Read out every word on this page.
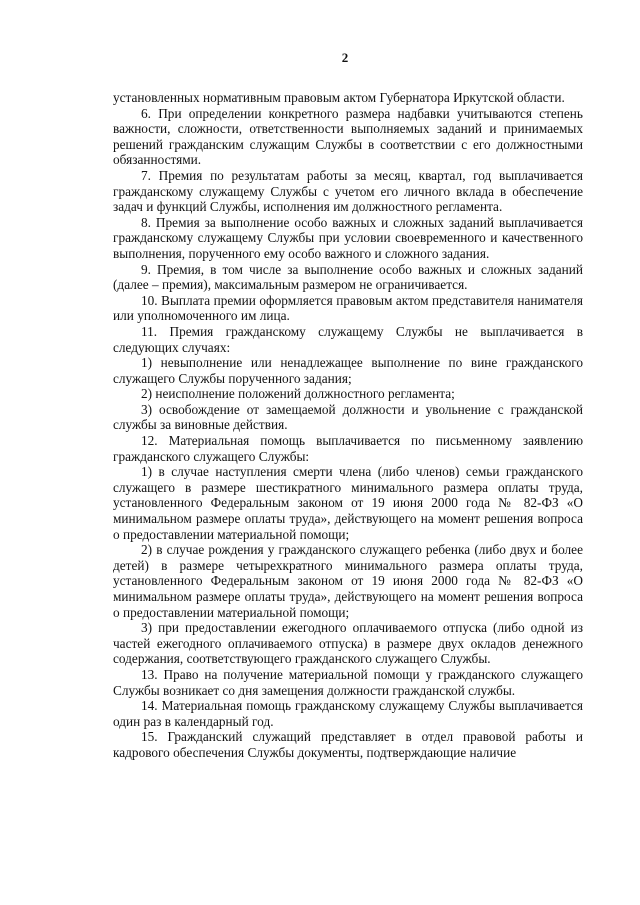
2

установленных нормативным правовым актом Губернатора Иркутской области.

6. При определении конкретного размера надбавки учитываются степень важности, сложности, ответственности выполняемых заданий и принимаемых решений гражданским служащим Службы в соответствии с его должностными обязанностями.

7. Премия по результатам работы за месяц, квартал, год выплачивается гражданскому служащему Службы с учетом его личного вклада в обеспечение задач и функций Службы, исполнения им должностного регламента.

8. Премия за выполнение особо важных и сложных заданий выплачивается гражданскому служащему Службы при условии своевременного и качественного выполнения, порученного ему особо важного и сложного задания.

9. Премия, в том числе за выполнение особо важных и сложных заданий (далее – премия), максимальным размером не ограничивается.

10. Выплата премии оформляется правовым актом представителя нанимателя или уполномоченного им лица.

11. Премия гражданскому служащему Службы не выплачивается в следующих случаях:

1) невыполнение или ненадлежащее выполнение по вине гражданского служащего Службы порученного задания;

2) неисполнение положений должностного регламента;

3) освобождение от замещаемой должности и увольнение с гражданской службы за виновные действия.

12. Материальная помощь выплачивается по письменному заявлению гражданского служащего Службы:

1) в случае наступления смерти члена (либо членов) семьи гражданского служащего в размере шестикратного минимального размера оплаты труда, установленного Федеральным законом от 19 июня 2000 года № 82-ФЗ «О минимальном размере оплаты труда», действующего на момент решения вопроса о предоставлении материальной помощи;

2) в случае рождения у гражданского служащего ребенка (либо двух и более детей) в размере четырехкратного минимального размера оплаты труда, установленного Федеральным законом от 19 июня 2000 года № 82-ФЗ «О минимальном размере оплаты труда», действующего на момент решения вопроса о предоставлении материальной помощи;

3) при предоставлении ежегодного оплачиваемого отпуска (либо одной из частей ежегодного оплачиваемого отпуска) в размере двух окладов денежного содержания, соответствующего гражданского служащего Службы.

13. Право на получение материальной помощи у гражданского служащего Службы возникает со дня замещения должности гражданской службы.

14. Материальная помощь гражданскому служащему Службы выплачивается один раз в календарный год.

15. Гражданский служащий представляет в отдел правовой работы и кадрового обеспечения Службы документы, подтверждающие наличие
